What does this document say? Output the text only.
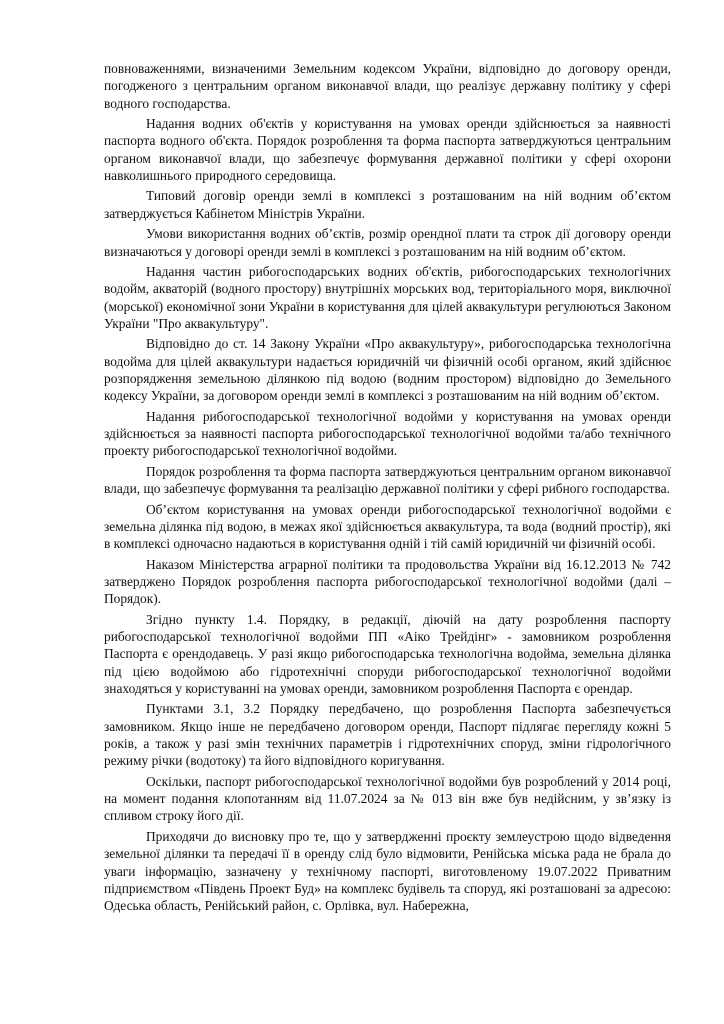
повноваженнями, визначеними Земельним кодексом України, відповідно до договору оренди, погодженого з центральним органом виконавчої влади, що реалізує державну політику у сфері водного господарства.

Надання водних об'єктів у користування на умовах оренди здійснюється за наявності паспорта водного об'єкта. Порядок розроблення та форма паспорта затверджуються центральним органом виконавчої влади, що забезпечує формування державної політики у сфері охорони навколишнього природного середовища.

Типовий договір оренди землі в комплексі з розташованим на ній водним об’єктом затверджується Кабінетом Міністрів України.

Умови використання водних об’єктів, розмір орендної плати та строк дії договору оренди визначаються у договорі оренди землі в комплексі з розташованим на ній водним об’єктом.

Надання частин рибогосподарських водних об'єктів, рибогосподарських технологічних водойм, акваторій (водного простору) внутрішніх морських вод, територіального моря, виключної (морської) економічної зони України в користування для цілей аквакультури регулюються Законом України "Про аквакультуру".

Відповідно до ст. 14 Закону України «Про аквакультуру», рибогосподарська технологічна водойма для цілей аквакультури надається юридичній чи фізичній особі органом, який здійснює розпорядження земельною ділянкою під водою (водним простором) відповідно до Земельного кодексу України, за договором оренди землі в комплексі з розташованим на ній водним об’єктом.

Надання рибогосподарської технологічної водойми у користування на умовах оренди здійснюється за наявності паспорта рибогосподарської технологічної водойми та/або технічного проекту рибогосподарської технологічної водойми.

Порядок розроблення та форма паспорта затверджуються центральним органом виконавчої влади, що забезпечує формування та реалізацію державної політики у сфері рибного господарства.

Об’єктом користування на умовах оренди рибогосподарської технологічної водойми є земельна ділянка під водою, в межах якої здійснюється аквакультура, та вода (водний простір), які в комплексі одночасно надаються в користування одній і тій самій юридичній чи фізичній особі.

Наказом Міністерства аграрної політики та продовольства України від 16.12.2013 № 742 затверджено Порядок розроблення паспорта рибогосподарської технологічної водойми (далі – Порядок).

Згідно пункту 1.4. Порядку, в редакції, діючій на дату розроблення паспорту рибогосподарської технологічної водойми ПП «Аіко Трейдінг» - замовником розроблення Паспорта є орендодавець. У разі якщо рибогосподарська технологічна водойма, земельна ділянка під цією водоймою або гідротехнічні споруди рибогосподарської технологічної водойми знаходяться у користуванні на умовах оренди, замовником розроблення Паспорта є орендар.

Пунктами 3.1, 3.2 Порядку передбачено, що розроблення Паспорта забезпечується замовником. Якщо інше не передбачено договором оренди, Паспорт підлягає перегляду кожні 5 років, а також у разі змін технічних параметрів і гідротехнічних споруд, зміни гідрологічного режиму річки (водотоку) та його відповідного коригування.

Оскільки, паспорт рибогосподарської технологічної водойми був розроблений у 2014 році, на момент подання клопотанням від 11.07.2024 за № 013 він вже був недійсним, у зв’язку із спливом строку його дії.

Приходячи до висновку про те, що у затвердженні проєкту землеустрою щодо відведення земельної ділянки та передачі її в оренду слід було відмовити, Ренійська міська рада не брала до уваги інформацію, зазначену у технічному паспорті, виготовленому 19.07.2022 Приватним підприємством «Південь Проект Буд» на комплекс будівель та споруд, які розташовані за адресою: Одеська область, Ренійський район, с. Орлівка, вул. Набережна,
